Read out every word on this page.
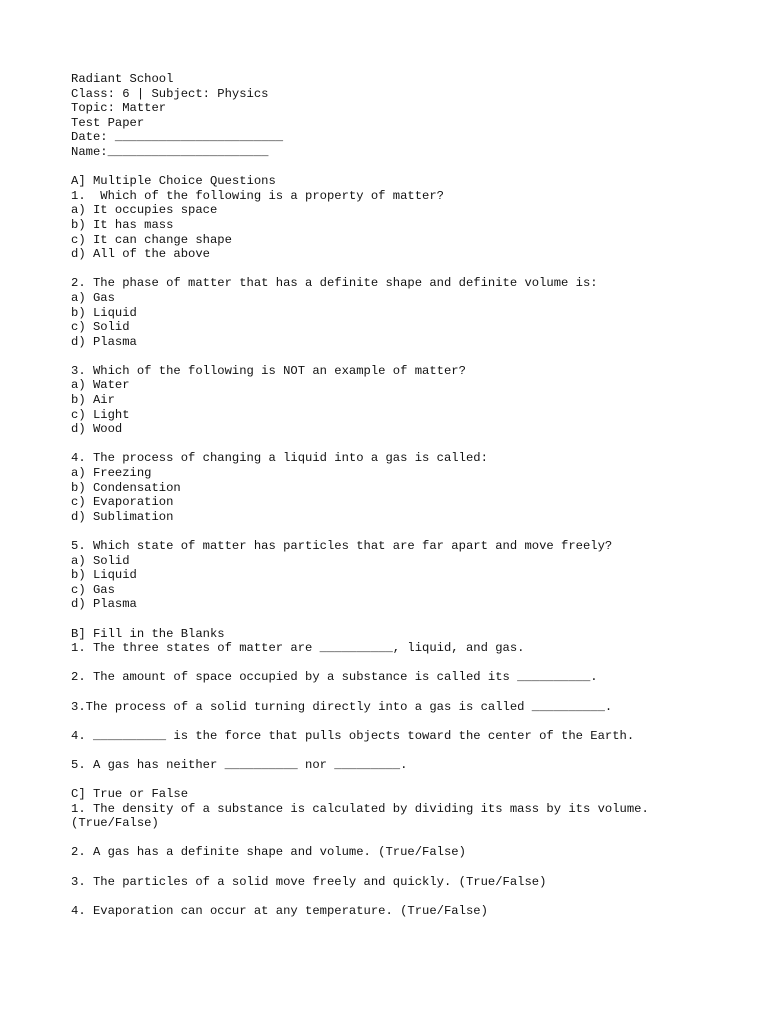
Radiant School
Class: 6 | Subject: Physics
Topic: Matter
Test Paper
Date: _______________________
Name:______________________
A] Multiple Choice Questions
1.  Which of the following is a property of matter?
a) It occupies space
b) It has mass
c) It can change shape
d) All of the above
2. The phase of matter that has a definite shape and definite volume is:
a) Gas
b) Liquid
c) Solid
d) Plasma
3. Which of the following is NOT an example of matter?
a) Water
b) Air
c) Light
d) Wood
4. The process of changing a liquid into a gas is called:
a) Freezing
b) Condensation
c) Evaporation
d) Sublimation
5. Which state of matter has particles that are far apart and move freely?
a) Solid
b) Liquid
c) Gas
d) Plasma
B] Fill in the Blanks
1. The three states of matter are __________, liquid, and gas.
2. The amount of space occupied by a substance is called its __________.
3.The process of a solid turning directly into a gas is called __________.
4. __________ is the force that pulls objects toward the center of the Earth.
5. A gas has neither __________ nor _________.
C] True or False
1. The density of a substance is calculated by dividing its mass by its volume.
(True/False)
2. A gas has a definite shape and volume. (True/False)
3. The particles of a solid move freely and quickly. (True/False)
4. Evaporation can occur at any temperature. (True/False)
